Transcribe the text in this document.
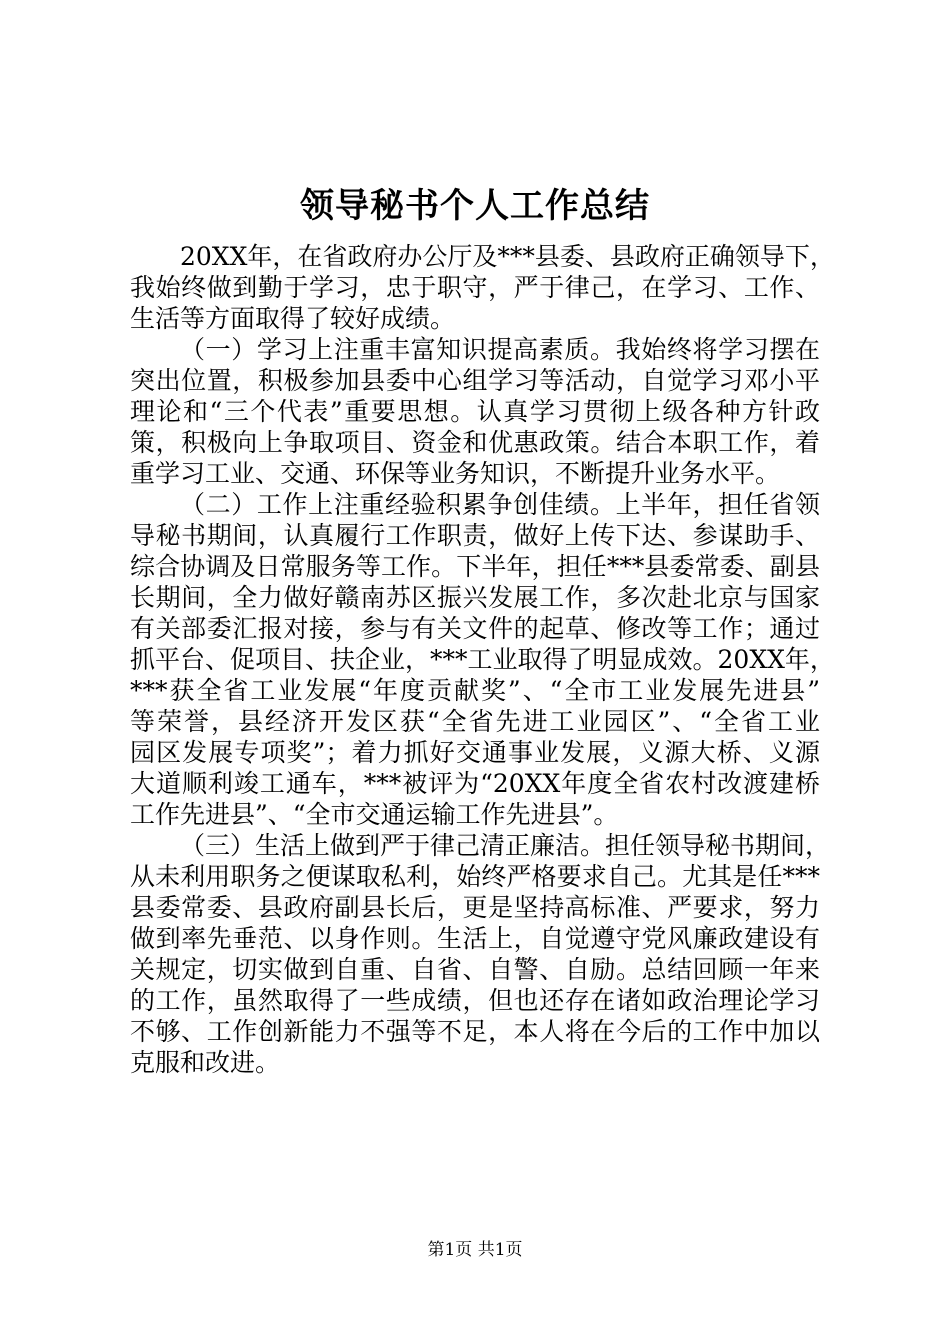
领导秘书个人工作总结
20XX年，在省政府办公厅及***县委、县政府正确领导下，
我始终做到勤于学习，忠于职守，严于律己，在学习、工作、
生活等方面取得了较好成绩。
（一）学习上注重丰富知识提高素质。我始终将学习摆在
突出位置，积极参加县委中心组学习等活动，自觉学习邓小平
理论和“三个代表”重要思想。认真学习贯彻上级各种方针政
策，积极向上争取项目、资金和优惠政策。结合本职工作，着
重学习工业、交通、环保等业务知识，不断提升业务水平。
（二）工作上注重经验积累争创佳绩。上半年，担任省领
导秘书期间，认真履行工作职责，做好上传下达、参谋助手、
综合协调及日常服务等工作。下半年，担任***县委常委、副县
长期间，全力做好赣南苏区振兴发展工作，多次赴北京与国家
有关部委汇报对接，参与有关文件的起草、修改等工作；通过
抓平台、促项目、扶企业，***工业取得了明显成效。20XX年，
***获全省工业发展“年度贡献奖”、“全市工业发展先进县”
等荣誉，县经济开发区获“全省先进工业园区”、“全省工业
园区发展专项奖”；着力抓好交通事业发展，义源大桥、义源
大道顺利竣工通车，***被评为“20XX年度全省农村改渡建桥
工作先进县”、“全市交通运输工作先进县”。
（三）生活上做到严于律己清正廉洁。担任领导秘书期间，
从未利用职务之便谋取私利，始终严格要求自己。尤其是任***
县委常委、县政府副县长后，更是坚持高标准、严要求，努力
做到率先垂范、以身作则。生活上，自觉遵守党风廉政建设有
关规定，切实做到自重、自省、自警、自励。总结回顾一年来
的工作，虽然取得了一些成绩，但也还存在诸如政治理论学习
不够、工作创新能力不强等不足，本人将在今后的工作中加以
克服和改进。
第1页 共1页
